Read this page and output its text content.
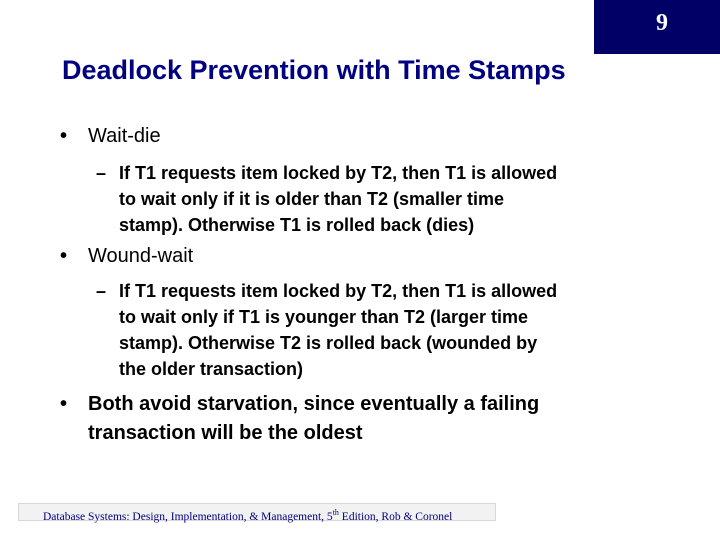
9
Deadlock Prevention with Time Stamps
• Wait-die
– If T1 requests item locked by T2, then T1 is allowed
to wait only if it is older than T2 (smaller time
stamp). Otherwise T1 is rolled back (dies)
• Wound-wait
– If T1 requests item locked by T2, then T1 is allowed
to wait only if T1 is younger than T2 (larger time
stamp). Otherwise T2 is rolled back (wounded by
the older transaction)
•	Both avoid starvation, since eventually a failing
transaction will be the oldest
Database Systems: Design, Implementation, & Management, 5th Edition, Rob & Coronel
